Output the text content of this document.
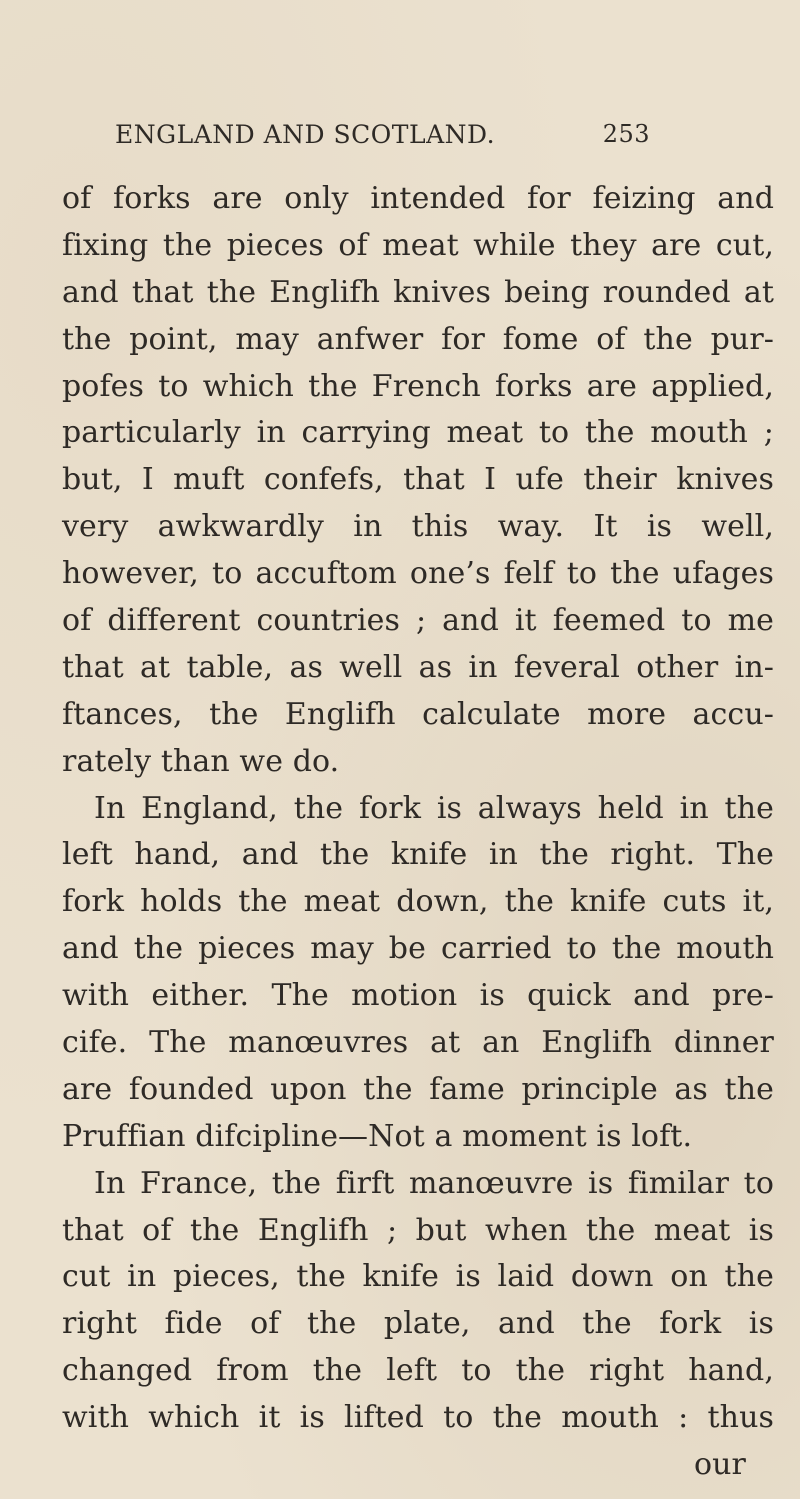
ENGLAND AND SCOTLAND.	253
of forks are only intended for feizing and
fixing the pieces of meat while they are cut,
and that the Englifh knives being rounded at
the point, may anfwer for fome of the pur-
pofes to which the French forks are applied,
particularly in carrying meat to the mouth ;
but, I muft confefs, that I ufe their knives
very awkwardly in this way. It is well,
however, to accuftom one’s felf to the ufages
of different countries ; and it feemed to me
that at table, as well as in feveral other in-
ftances, the Englifh calculate more accu-
rately than we do.
In England, the fork is always held in the
left hand, and the knife in the right. The
fork holds the meat down, the knife cuts it,
and the pieces may be carried to the mouth
with either. The motion is quick and pre-
cife. The manœuvres at an Englifh dinner
are founded upon the fame principle as the
Pruffian difcipline—Not a moment is loft.
In France, the firft manœuvre is fimilar to
that of the Englifh ; but when the meat is
cut in pieces, the knife is laid down on the
right fide of the plate, and the fork is
changed from the left to the right hand,
with which it is lifted to the mouth : thus
our
